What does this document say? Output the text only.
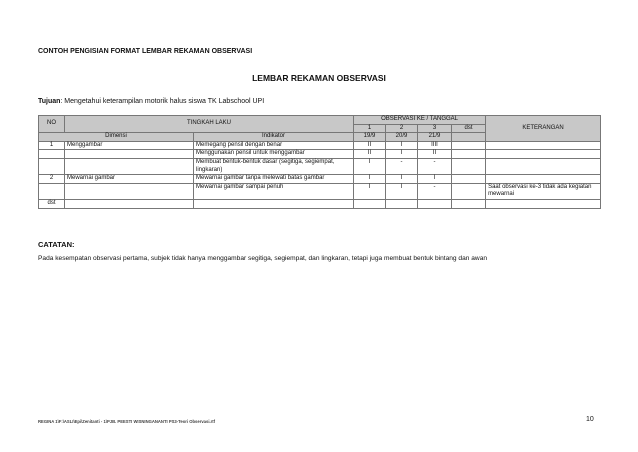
CONTOH PENGISIAN FORMAT LEMBAR REKAMAN OBSERVASI
LEMBAR REKAMAN OBSERVASI
Tujuan: Mengetahui keterampilan motorik halus siswa TK Labschool UPI
NO	TINGKAH LAKU		OBSERVASI KE / TANGGAL				KETERANGAN
			1	2	3	dst	
Dimensi		Indikator	19/9	20/9	21/9		
1	Menggambar	Memegang pensil dengan benar	II	I	IIII		
		Menggunakan pensil untuk menggambar	II	I	II		
		Membuat bentuk-bentuk dasar (segitiga, segiempat, lingkaran)	I	-	-		
2	Mewarnai gambar	Mewarnai gambar tanpa melewati batas gambar	I	I	I		
		Mewarnai gambar sampai penuh	I	I	-		Saat observasi ke-3 tidak ada kegiatan mewarnai
dst							
CATATAN:
Pada kesempatan observasi pertama, subjek tidak hanya menggambar segitiga, segiempat, dan lingkaran, tetapi juga membuat bentuk bintang dan awan
REGINA 1\F:\ASLI\Epi\Zenitanti - 1\PJB. PEESTI WISNINGANANTI PS3-Teori Observasi.rtf	10
